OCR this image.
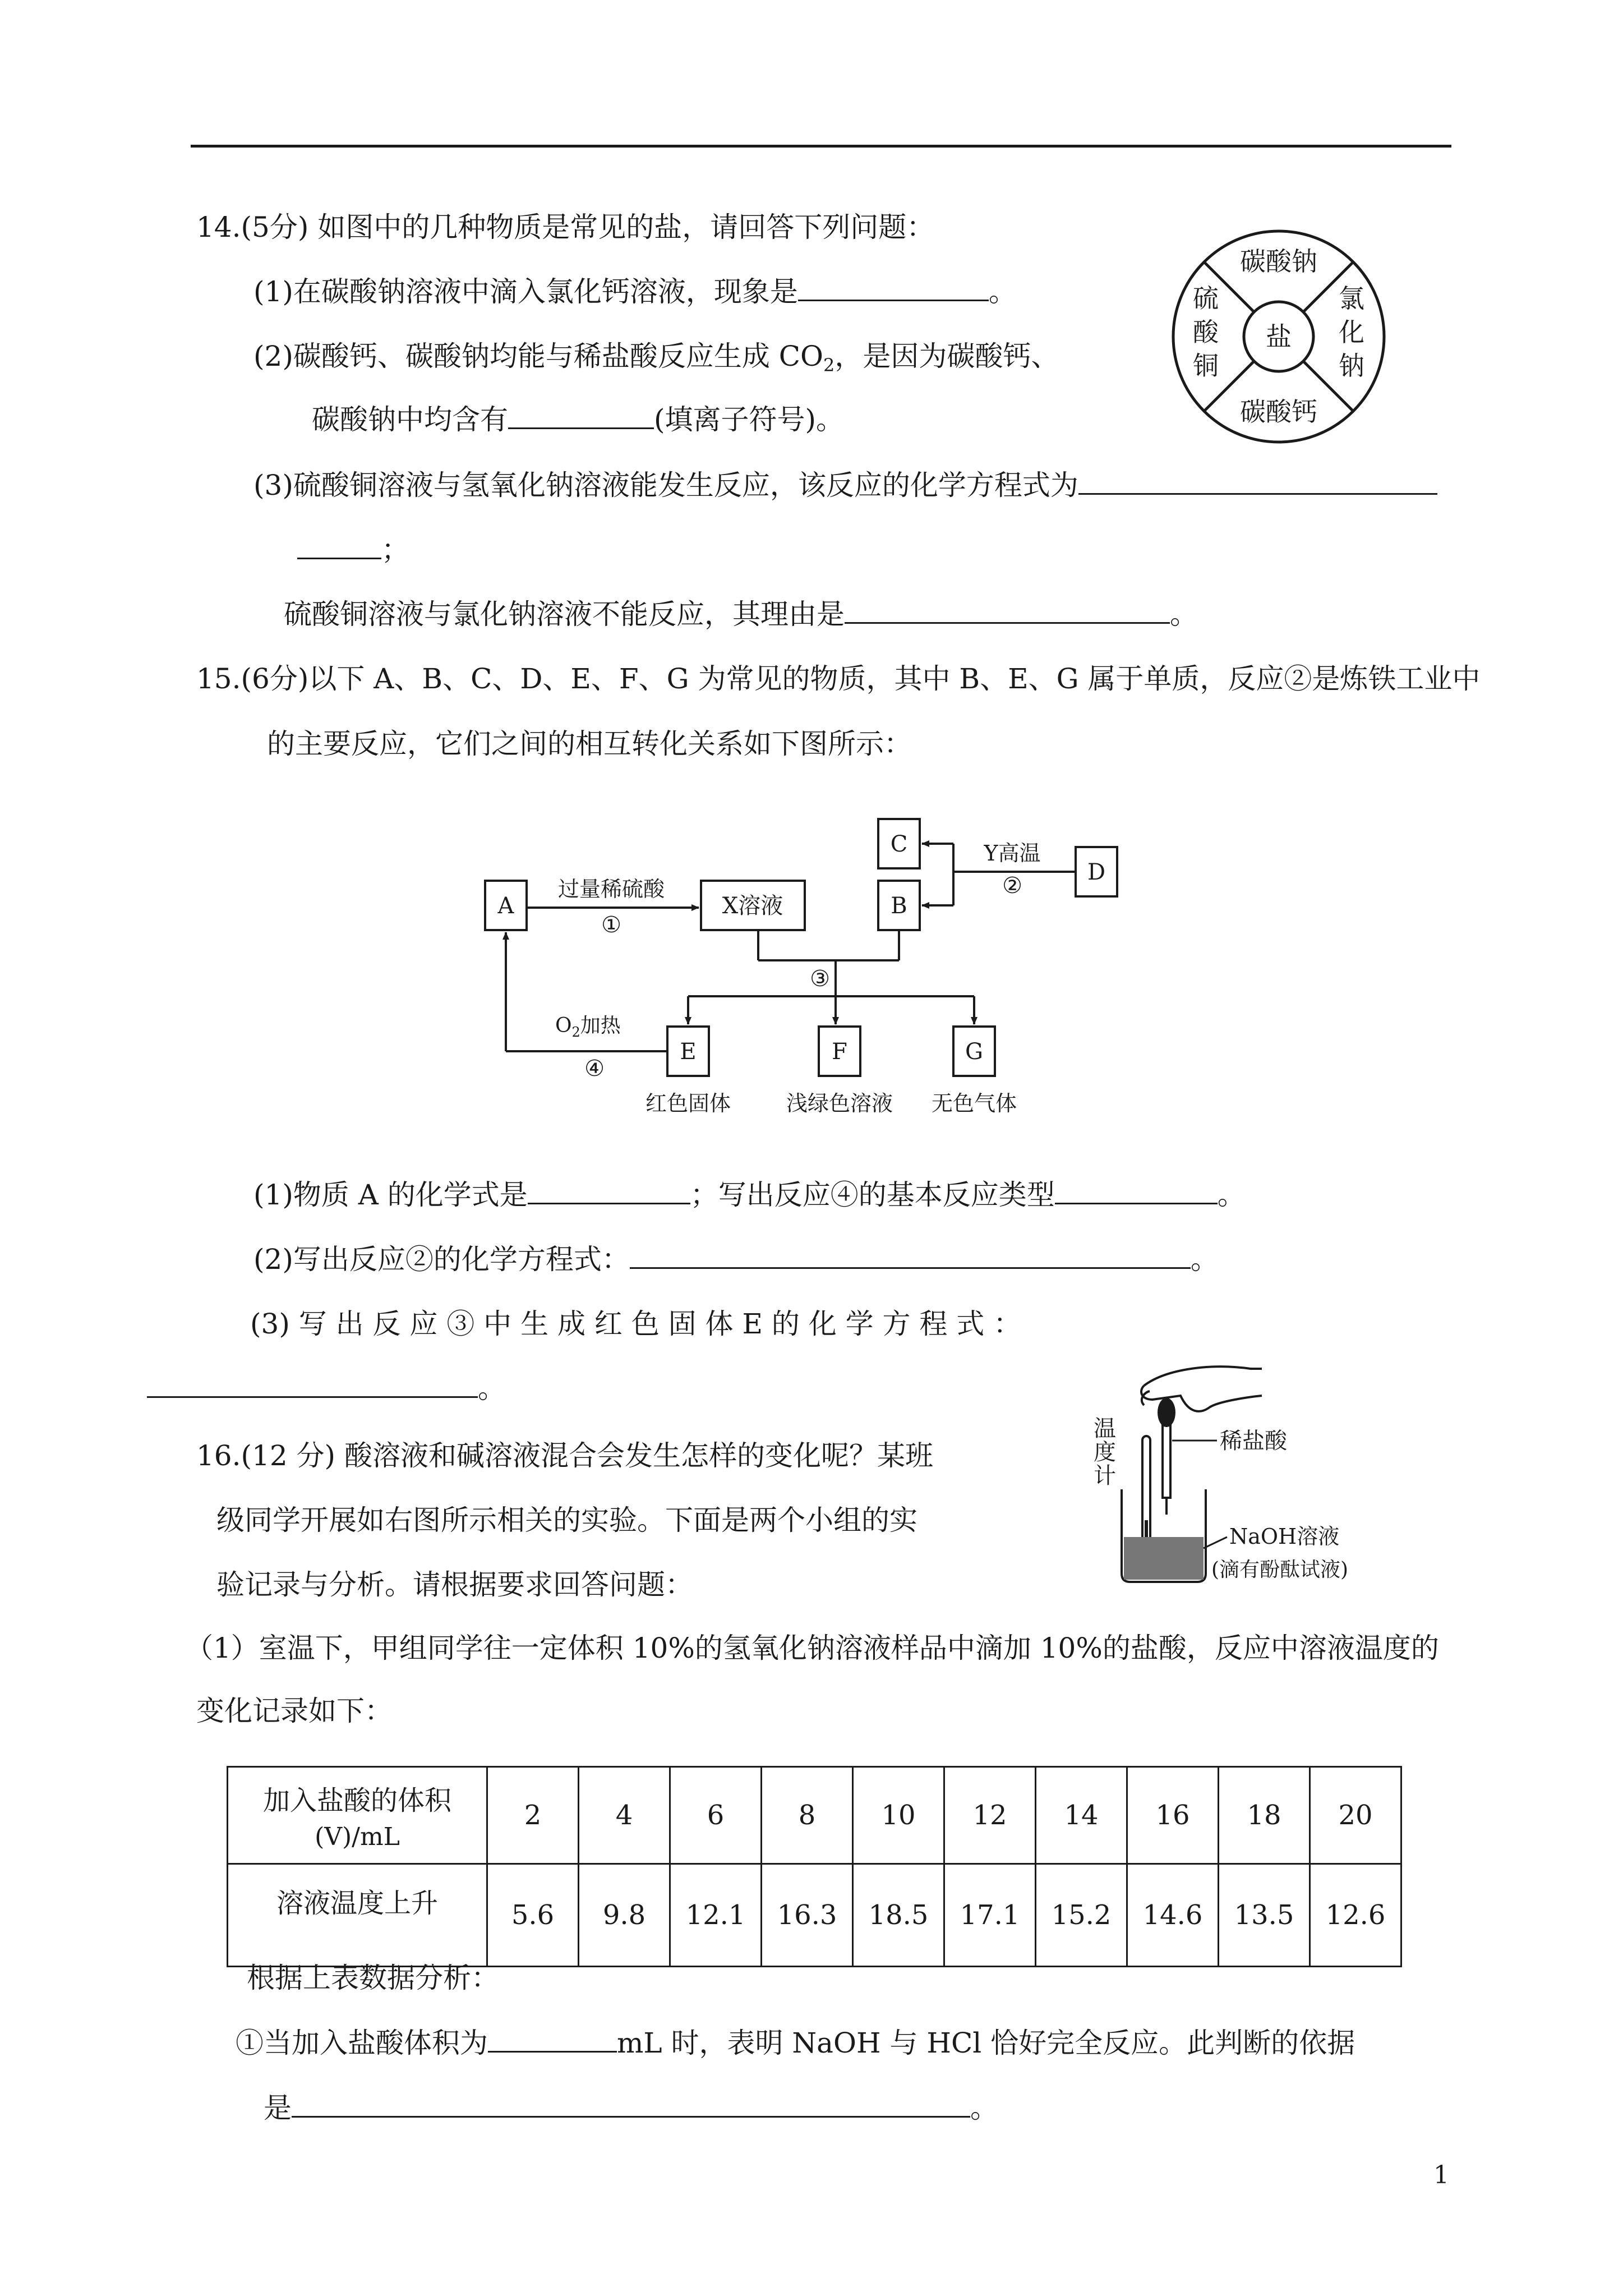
14.(5分) 如图中的几种物质是常见的盐，请回答下列问题：
(1)在碳酸钠溶液中滴入氯化钙溶液，现象是	。
(2)碳酸钙、碳酸钠均能与稀盐酸反应生成 $CO_2$，是因为碳酸钙、
碳酸钠中均含有	(填离子符号)。
(3)硫酸铜溶液与氢氧化钠溶液能发生反应，该反应的化学方程式为
；
硫酸铜溶液与氯化钠溶液不能反应，其理由是	。
盐
碳酸钠
碳酸钙
硫
酸
铜
氯
化
钠
15.(6分)以下 A、B、C、D、E、F、G 为常见的物质，其中 B、E、G 属于单质，反应②是炼铁工业中
的主要反应，它们之间的相互转化关系如下图所示：
A	X溶液	B
C
D
E	F	G
过量稀硫酸
①
Y高温
②
③
$O_2$加热
④
红色固体	浅绿色溶液 无色气体
(1)物质 A 的化学式是	；写出反应④的基本反应类型	。
(2)写出反应②的化学方程式：	。
(3) 写 出 反 应 ③ 中 生 成 红 色 固 体 E 的 化 学 方 程 式 ：
。
16.(12 分) 酸溶液和碱溶液混合会发生怎样的变化呢？某班
级同学开展如右图所示相关的实验。下面是两个小组的实
验记录与分析。请根据要求回答问题：
温
度
计
稀盐酸
NaOH溶液
(滴有酚酞试液)
（1）室温下，甲组同学往一定体积 10%的氢氧化钠溶液样品中滴加 10%的盐酸，反应中溶液温度的
变化记录如下：
加入盐酸的体积
(V)/mL	2	4	6	8	10	12	14	16	18	20
溶液温度上升	5.6	9.8	12.1	16.3	18.5	17.1	15.2	14.6	13.5	12.6
根据上表数据分析：
①当加入盐酸体积为	mL 时，表明 NaOH 与 HCl 恰好完全反应。此判断的依据
是	。
1
